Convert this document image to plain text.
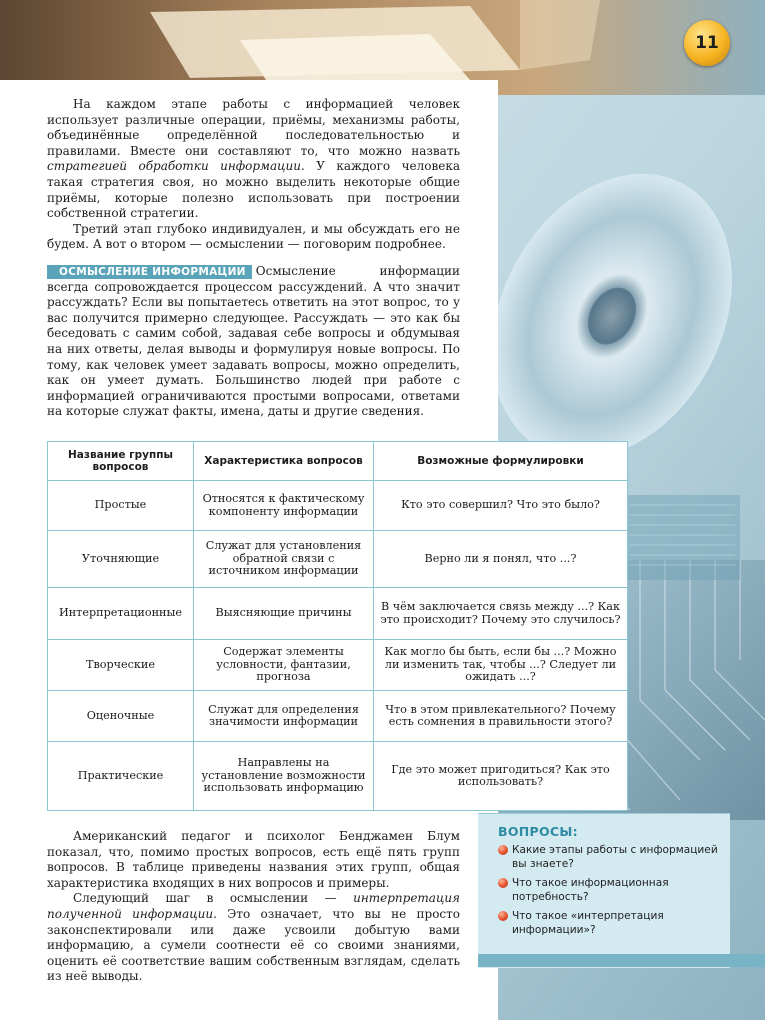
11

На каждом этапе работы с информацией человек использует различные операции, приёмы, механизмы работы, объединённые определённой последовательностью и правилами. Вместе они составляют то, что можно назвать стратегией обработки информации. У каждого человека такая стратегия своя, но можно выделить некоторые общие приёмы, которые полезно использовать при построении собственной стратегии.

Третий этап глубоко индивидуален, и мы обсуждать его не будем. А вот о втором — осмыслении — поговорим подробнее.

ОСМЫСЛЕНИЕ ИНФОРМАЦИИ Осмысление информации всегда сопровождается процессом рассуждений. А что значит рассуждать? Если вы попытаетесь ответить на этот вопрос, то у вас получится примерно следующее. Рассуждать — это как бы беседовать с самим собой, задавая себе вопросы и обдумывая на них ответы, делая выводы и формулируя новые вопросы. По тому, как человек умеет задавать вопросы, можно определить, как он умеет думать. Большинство людей при работе с информацией ограничиваются простыми вопросами, ответами на которые служат факты, имена, даты и другие сведения.

Название группы вопросов	Характеристика вопросов	Возможные формулировки
Простые	Относятся к фактическому компоненту информации	Кто это совершил? Что это было?
Уточняющие	Служат для установления обратной связи с источником информации	Верно ли я понял, что ...?
Интерпретационные	Выясняющие причины	В чём заключается связь между ...? Как это происходит? Почему это случилось?
Творческие	Содержат элементы условности, фантазии, прогноза	Как могло бы быть, если бы ...? Можно ли изменить так, чтобы ...? Следует ли ожидать ...?
Оценочные	Служат для определения значимости информации	Что в этом привлекательного? Почему есть сомнения в правильности этого?
Практические	Направлены на установление возможности использовать информацию	Где это может пригодиться? Как это использовать?

Американский педагог и психолог Бенджамен Блум показал, что, помимо простых вопросов, есть ещё пять групп вопросов. В таблице приведены названия этих групп, общая характеристика входящих в них вопросов и примеры.

Следующий шаг в осмыслении — интерпретация полученной информации. Это означает, что вы не просто законспектировали или даже усвоили добытую вами информацию, а сумели соотнести её со своими знаниями, оценить её соответствие вашим собственным взглядам, сделать из неё выводы.

ВОПРОСЫ:
Какие этапы работы с информацией вы знаете?
Что такое информационная потребность?
Что такое «интерпретация информации»?
